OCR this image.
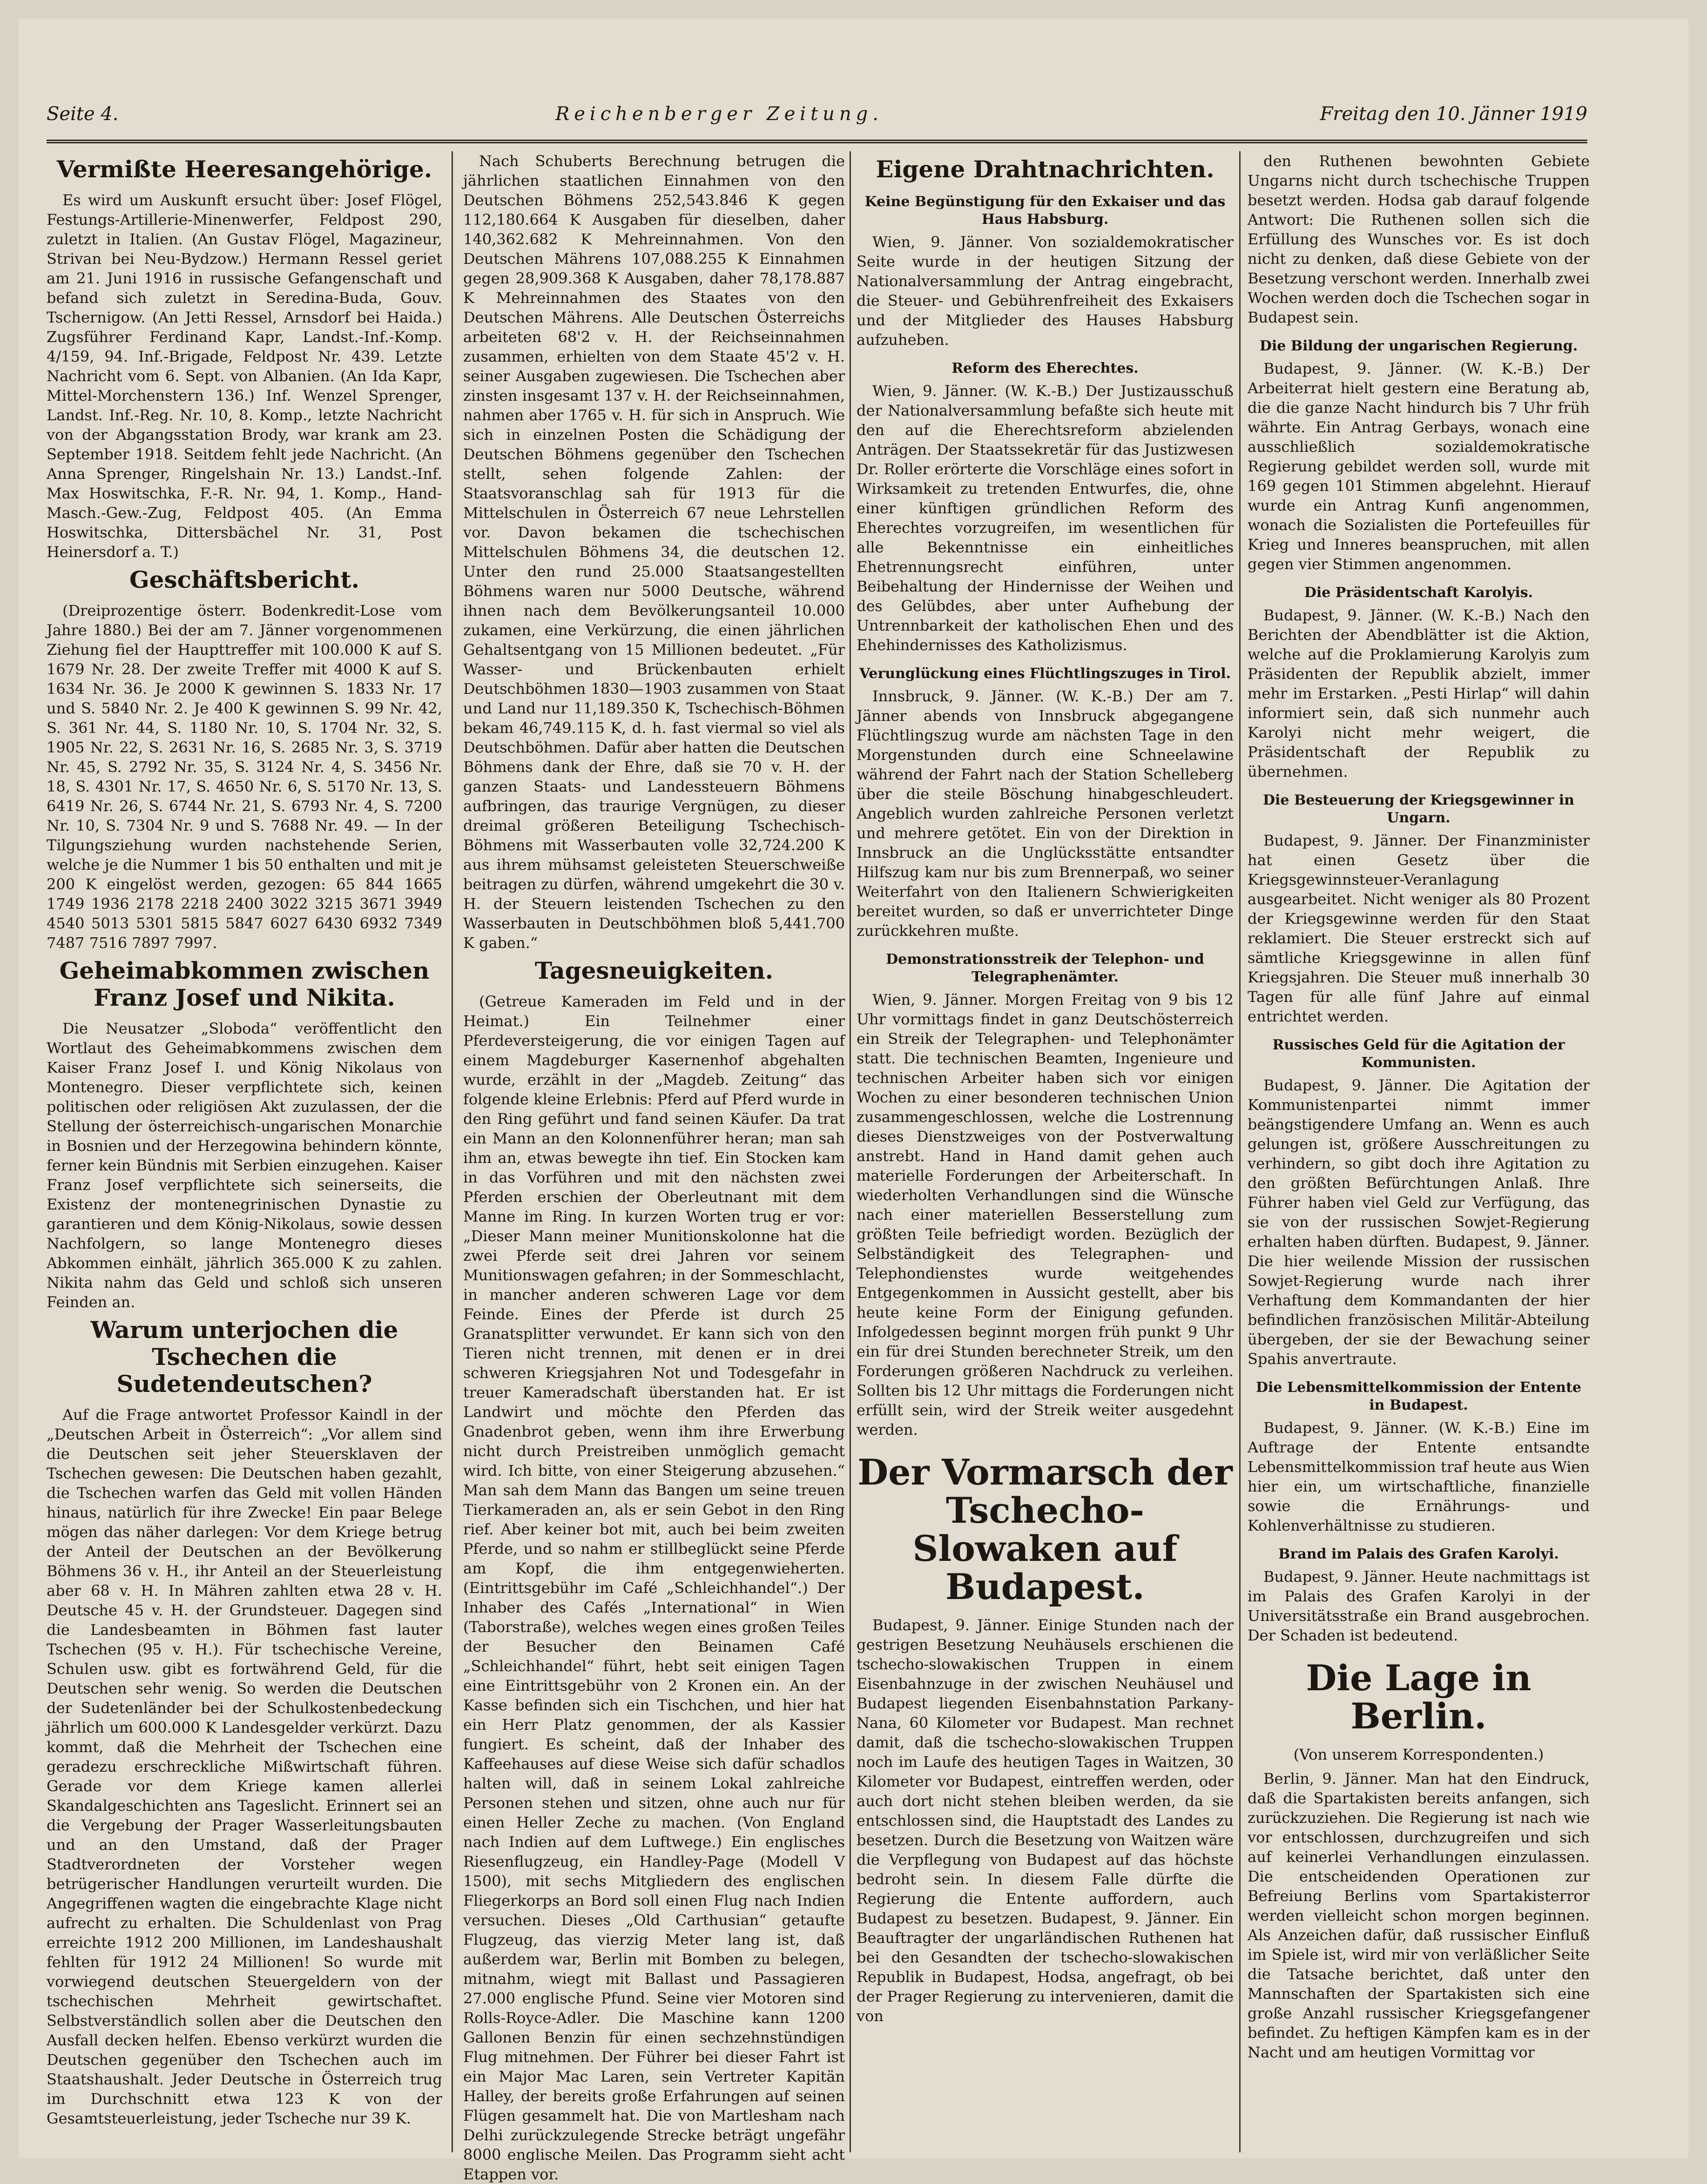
Seite 4.	Reichenberger Zeitung.	Freitag den 10. Jänner 1919
Vermißte Heeresangehörige.

Es wird um Auskunft ersucht über: Josef Flögel, Festungs-Artillerie-Minenwerfer, Feldpost 290, zuletzt in Italien. (An Gustav Flögel, Magazineur, Strivan bei Neu-Bydzow.) Hermann Ressel geriet am 21. Juni 1916 in russische Gefangenschaft und befand sich zuletzt in Seredina-Buda, Gouv. Tschernigow. (An Jetti Ressel, Arnsdorf bei Haida.) Zugsführer Ferdinand Kapr, Landst.-Inf.-Komp. 4/159, 94. Inf.-Brigade, Feldpost Nr. 439. Letzte Nachricht vom 6. Sept. von Albanien. (An Ida Kapr, Mittel-Morchenstern 136.) Inf. Wenzel Sprenger, Landst. Inf.-Reg. Nr. 10, 8. Komp., letzte Nachricht von der Abgangsstation Brody, war krank am 23. September 1918. Seitdem fehlt jede Nachricht. (An Anna Sprenger, Ringelshain Nr. 13.) Landst.-Inf. Max Hoswitschka, F.-R. Nr. 94, 1. Komp., Hand-Masch.-Gew.-Zug, Feldpost 405. (An Emma Hoswitschka, Dittersbächel Nr. 31, Post Heinersdorf a. T.)

Geschäftsbericht.

(Dreiprozentige österr. Bodenkredit-Lose vom Jahre 1880.) Bei der am 7. Jänner vorgenommenen Ziehung fiel der Haupttreffer mit 100.000 K auf S. 1679 Nr. 28. Der zweite Treffer mit 4000 K auf S. 1634 Nr. 36. Je 2000 K gewinnen S. 1833 Nr. 17 und S. 5840 Nr. 2. Je 400 K gewinnen S. 99 Nr. 42, S. 361 Nr. 44, S. 1180 Nr. 10, S. 1704 Nr. 32, S. 1905 Nr. 22, S. 2631 Nr. 16, S. 2685 Nr. 3, S. 3719 Nr. 45, S. 2792 Nr. 35, S. 3124 Nr. 4, S. 3456 Nr. 18, S. 4301 Nr. 17, S. 4650 Nr. 6, S. 5170 Nr. 13, S. 6419 Nr. 26, S. 6744 Nr. 21, S. 6793 Nr. 4, S. 7200 Nr. 10, S. 7304 Nr. 9 und S. 7688 Nr. 49. — In der Tilgungsziehung wurden nachstehende Serien, welche je die Nummer 1 bis 50 enthalten und mit je 200 K eingelöst werden, gezogen: 65 844 1665 1749 1936 2178 2218 2400 3022 3215 3671 3949 4540 5013 5301 5815 5847 6027 6430 6932 7349 7487 7516 7897 7997.

Geheimabkommen zwischen Franz Josef und Nikita.

Die Neusatzer „Sloboda“ veröffentlicht den Wortlaut des Geheimabkommens zwischen dem Kaiser Franz Josef I. und König Nikolaus von Montenegro. Dieser verpflichtete sich, keinen politischen oder religiösen Akt zuzulassen, der die Stellung der österreichisch-ungarischen Monarchie in Bosnien und der Herzegowina behindern könnte, ferner kein Bündnis mit Serbien einzugehen. Kaiser Franz Josef verpflichtete sich seinerseits, die Existenz der montenegrinischen Dynastie zu garantieren und dem König-Nikolaus, sowie dessen Nachfolgern, so lange Montenegro dieses Abkommen einhält, jährlich 365.000 K zu zahlen. Nikita nahm das Geld und schloß sich unseren Feinden an.

Warum unterjochen die Tschechen die Sudetendeutschen?

Auf die Frage antwortet Professor Kaindl in der „Deutschen Arbeit in Österreich“: „Vor allem sind die Deutschen seit jeher Steuersklaven der Tschechen gewesen: Die Deutschen haben gezahlt, die Tschechen warfen das Geld mit vollen Händen hinaus, natürlich für ihre Zwecke! Ein paar Belege mögen das näher darlegen: Vor dem Kriege betrug der Anteil der Deutschen an der Bevölkerung Böhmens 36 v. H., ihr Anteil an der Steuerleistung aber 68 v. H. In Mähren zahlten etwa 28 v. H. Deutsche 45 v. H. der Grundsteuer. Dagegen sind die Landesbeamten in Böhmen fast lauter Tschechen (95 v. H.). Für tschechische Vereine, Schulen usw. gibt es fortwährend Geld, für die Deutschen sehr wenig. So werden die Deutschen der Sudetenländer bei der Schulkostenbedeckung jährlich um 600.000 K Landesgelder verkürzt. Dazu kommt, daß die Mehrheit der Tschechen eine geradezu erschreckliche Mißwirtschaft führen. Gerade vor dem Kriege kamen allerlei Skandalgeschichten ans Tageslicht. Erinnert sei an die Vergebung der Prager Wasserleitungsbauten und an den Umstand, daß der Prager Stadtverordneten der Vorsteher wegen betrügerischer Handlungen verurteilt wurden. Die Angegriffenen wagten die eingebrachte Klage nicht aufrecht zu erhalten. Die Schuldenlast von Prag erreichte 1912 200 Millionen, im Landeshaushalt fehlten für 1912 24 Millionen! So wurde mit vorwiegend deutschen Steuergeldern von der tschechischen Mehrheit gewirtschaftet. Selbstverständlich sollen aber die Deutschen den Ausfall decken helfen. Ebenso verkürzt wurden die Deutschen gegenüber den Tschechen auch im Staatshaushalt. Jeder Deutsche in Österreich trug im Durchschnitt etwa 123 K von der Gesamtsteuerleistung, jeder Tscheche nur 39 K.

Nach Schuberts Berechnung betrugen die jährlichen staatlichen Einnahmen von den Deutschen Böhmens 252,543.846 K gegen 112,180.664 K Ausgaben für dieselben, daher 140,362.682 K Mehreinnahmen. Von den Deutschen Mährens 107,088.255 K Einnahmen gegen 28,909.368 K Ausgaben, daher 78,178.887 K Mehreinnahmen des Staates von den Deutschen Mährens. Alle Deutschen Österreichs arbeiteten 68'2 v. H. der Reichseinnahmen zusammen, erhielten von dem Staate 45'2 v. H. seiner Ausgaben zugewiesen. Die Tschechen aber zinsten insgesamt 137 v. H. der Reichseinnahmen, nahmen aber 1765 v. H. für sich in Anspruch. Wie sich in einzelnen Posten die Schädigung der Deutschen Böhmens gegenüber den Tschechen stellt, sehen folgende Zahlen: der Staatsvoranschlag sah für 1913 für die Mittelschulen in Österreich 67 neue Lehrstellen vor. Davon bekamen die tschechischen Mittelschulen Böhmens 34, die deutschen 12. Unter den rund 25.000 Staatsangestellten Böhmens waren nur 5000 Deutsche, während ihnen nach dem Bevölkerungsanteil 10.000 zukamen, eine Verkürzung, die einen jährlichen Gehaltsentgang von 15 Millionen bedeutet. „Für Wasser- und Brückenbauten erhielt Deutschböhmen 1830—1903 zusammen von Staat und Land nur 11,189.350 K, Tschechisch-Böhmen bekam 46,749.115 K, d. h. fast viermal so viel als Deutschböhmen. Dafür aber hatten die Deutschen Böhmens dank der Ehre, daß sie 70 v. H. der ganzen Staats- und Landessteuern Böhmens aufbringen, das traurige Vergnügen, zu dieser dreimal größeren Beteiligung Tschechisch-Böhmens mit Wasserbauten volle 32,724.200 K aus ihrem mühsamst geleisteten Steuerschweiße beitragen zu dürfen, während umgekehrt die 30 v. H. der Steuern leistenden Tschechen zu den Wasserbauten in Deutschböhmen bloß 5,441.700 K gaben.“

Tagesneuigkeiten.

(Getreue Kameraden im Feld und in der Heimat.) Ein Teilnehmer einer Pferdeversteigerung, die vor einigen Tagen auf einem Magdeburger Kasernenhof abgehalten wurde, erzählt in der „Magdeb. Zeitung“ das folgende kleine Erlebnis: Pferd auf Pferd wurde in den Ring geführt und fand seinen Käufer. Da trat ein Mann an den Kolonnenführer heran; man sah ihm an, etwas bewegte ihn tief. Ein Stocken kam in das Vorführen und mit den nächsten zwei Pferden erschien der Oberleutnant mit dem Manne im Ring. In kurzen Worten trug er vor: „Dieser Mann meiner Munitionskolonne hat die zwei Pferde seit drei Jahren vor seinem Munitionswagen gefahren; in der Sommeschlacht, in mancher anderen schweren Lage vor dem Feinde. Eines der Pferde ist durch 25 Granatsplitter verwundet. Er kann sich von den Tieren nicht trennen, mit denen er in drei schweren Kriegsjahren Not und Todesgefahr in treuer Kameradschaft überstanden hat. Er ist Landwirt und möchte den Pferden das Gnadenbrot geben, wenn ihm ihre Erwerbung nicht durch Preistreiben unmöglich gemacht wird. Ich bitte, von einer Steigerung abzusehen.“ Man sah dem Mann das Bangen um seine treuen Tierkameraden an, als er sein Gebot in den Ring rief. Aber keiner bot mit, auch bei beim zweiten Pferde, und so nahm er stillbeglückt seine Pferde am Kopf, die ihm entgegenwieherten. (Eintrittsgebühr im Café „Schleichhandel“.) Der Inhaber des Cafés „International“ in Wien (Taborstraße), welches wegen eines großen Teiles der Besucher den Beinamen Café „Schleichhandel“ führt, hebt seit einigen Tagen eine Eintrittsgebühr von 2 Kronen ein. An der Kasse befinden sich ein Tischchen, und hier hat ein Herr Platz genommen, der als Kassier fungiert. Es scheint, daß der Inhaber des Kaffeehauses auf diese Weise sich dafür schadlos halten will, daß in seinem Lokal zahlreiche Personen stehen und sitzen, ohne auch nur für einen Heller Zeche zu machen. (Von England nach Indien auf dem Luftwege.) Ein englisches Riesenflugzeug, ein Handley-Page (Modell V 1500), mit sechs Mitgliedern des englischen Fliegerkorps an Bord soll einen Flug nach Indien versuchen. Dieses „Old Carthusian“ getaufte Flugzeug, das vierzig Meter lang ist, daß außerdem war, Berlin mit Bomben zu belegen, mitnahm, wiegt mit Ballast und Passagieren 27.000 englische Pfund. Seine vier Motoren sind Rolls-Royce-Adler. Die Maschine kann 1200 Gallonen Benzin für einen sechzehnstündigen Flug mitnehmen. Der Führer bei dieser Fahrt ist ein Major Mac Laren, sein Vertreter Kapitän Halley, der bereits große Erfahrungen auf seinen Flügen gesammelt hat. Die von Martlesham nach Delhi zurückzulegende Strecke beträgt ungefähr 8000 englische Meilen. Das Programm sieht acht Etappen vor.

Eigene Drahtnachrichten.
Keine Begünstigung für den Exkaiser und das Haus Habsburg.

Wien, 9. Jänner. Von sozialdemokratischer Seite wurde in der heutigen Sitzung der Nationalversammlung der Antrag eingebracht, die Steuer- und Gebührenfreiheit des Exkaisers und der Mitglieder des Hauses Habsburg aufzuheben.

Reform des Eherechtes.

Wien, 9. Jänner. (W. K.-B.) Der Justizausschuß der Nationalversammlung befaßte sich heute mit den auf die Eherechtsreform abzielenden Anträgen. Der Staatssekretär für das Justizwesen Dr. Roller erörterte die Vorschläge eines sofort in Wirksamkeit zu tretenden Entwurfes, die, ohne einer künftigen gründlichen Reform des Eherechtes vorzugreifen, im wesentlichen für alle Bekenntnisse ein einheitliches Ehetrennungsrecht einführen, unter Beibehaltung der Hindernisse der Weihen und des Gelübdes, aber unter Aufhebung der Untrennbarkeit der katholischen Ehen und des Ehehindernisses des Katholizismus.

Verunglückung eines Flüchtlingszuges in Tirol.

Innsbruck, 9. Jänner. (W. K.-B.) Der am 7. Jänner abends von Innsbruck abgegangene Flüchtlingszug wurde am nächsten Tage in den Morgenstunden durch eine Schneelawine während der Fahrt nach der Station Schelleberg über die steile Böschung hinabgeschleudert. Angeblich wurden zahlreiche Personen verletzt und mehrere getötet. Ein von der Direktion in Innsbruck an die Unglücksstätte entsandter Hilfszug kam nur bis zum Brennerpaß, wo seiner Weiterfahrt von den Italienern Schwierigkeiten bereitet wurden, so daß er unverrichteter Dinge zurückkehren mußte.

Demonstrationsstreik der Telephon- und Telegraphenämter.

Wien, 9. Jänner. Morgen Freitag von 9 bis 12 Uhr vormittags findet in ganz Deutschösterreich ein Streik der Telegraphen- und Telephonämter statt. Die technischen Beamten, Ingenieure und technischen Arbeiter haben sich vor einigen Wochen zu einer besonderen technischen Union zusammengeschlossen, welche die Lostrennung dieses Dienstzweiges von der Postverwaltung anstrebt. Hand in Hand damit gehen auch materielle Forderungen der Arbeiterschaft. In wiederholten Verhandlungen sind die Wünsche nach einer materiellen Besserstellung zum größten Teile befriedigt worden. Bezüglich der Selbständigkeit des Telegraphen- und Telephondienstes wurde weitgehendes Entgegenkommen in Aussicht gestellt, aber bis heute keine Form der Einigung gefunden. Infolgedessen beginnt morgen früh punkt 9 Uhr ein für drei Stunden berechneter Streik, um den Forderungen größeren Nachdruck zu verleihen. Sollten bis 12 Uhr mittags die Forderungen nicht erfüllt sein, wird der Streik weiter ausgedehnt werden.

Der Vormarsch der Tschecho-Slowaken auf Budapest.

Budapest, 9. Jänner. Einige Stunden nach der gestrigen Besetzung Neuhäusels erschienen die tschecho-slowakischen Truppen in einem Eisenbahnzuge in der zwischen Neuhäusel und Budapest liegenden Eisenbahnstation Parkany-Nana, 60 Kilometer vor Budapest. Man rechnet damit, daß die tschecho-slowakischen Truppen noch im Laufe des heutigen Tages in Waitzen, 30 Kilometer vor Budapest, eintreffen werden, oder auch dort nicht stehen bleiben werden, da sie entschlossen sind, die Hauptstadt des Landes zu besetzen. Durch die Besetzung von Waitzen wäre die Verpflegung von Budapest auf das höchste bedroht sein. In diesem Falle dürfte die Regierung die Entente auffordern, auch Budapest zu besetzen. Budapest, 9. Jänner. Ein Beauftragter der ungarländischen Ruthenen hat bei den Gesandten der tschecho-slowakischen Republik in Budapest, Hodsa, angefragt, ob bei der Prager Regierung zu intervenieren, damit die von

den Ruthenen bewohnten Gebiete Ungarns nicht durch tschechische Truppen besetzt werden. Hodsa gab darauf folgende Antwort: Die Ruthenen sollen sich die Erfüllung des Wunsches vor. Es ist doch nicht zu denken, daß diese Gebiete von der Besetzung verschont werden. Innerhalb zwei Wochen werden doch die Tschechen sogar in Budapest sein.

Die Bildung der ungarischen Regierung.

Budapest, 9. Jänner. (W. K.-B.) Der Arbeiterrat hielt gestern eine Beratung ab, die die ganze Nacht hindurch bis 7 Uhr früh währte. Ein Antrag Gerbays, wonach eine ausschließlich sozialdemokratische Regierung gebildet werden soll, wurde mit 169 gegen 101 Stimmen abgelehnt. Hierauf wurde ein Antrag Kunfi angenommen, wonach die Sozialisten die Portefeuilles für Krieg und Inneres beanspruchen, mit allen gegen vier Stimmen angenommen.

Die Präsidentschaft Karolyis.

Budapest, 9. Jänner. (W. K.-B.) Nach den Berichten der Abendblätter ist die Aktion, welche auf die Proklamierung Karolyis zum Präsidenten der Republik abzielt, immer mehr im Erstarken. „Pesti Hirlap“ will dahin informiert sein, daß sich nunmehr auch Karolyi nicht mehr weigert, die Präsidentschaft der Republik zu übernehmen.

Die Besteuerung der Kriegsgewinner in Ungarn.

Budapest, 9. Jänner. Der Finanzminister hat einen Gesetz über die Kriegsgewinnsteuer-Veranlagung ausgearbeitet. Nicht weniger als 80 Prozent der Kriegsgewinne werden für den Staat reklamiert. Die Steuer erstreckt sich auf sämtliche Kriegsgewinne in allen fünf Kriegsjahren. Die Steuer muß innerhalb 30 Tagen für alle fünf Jahre auf einmal entrichtet werden.

Russisches Geld für die Agitation der Kommunisten.

Budapest, 9. Jänner. Die Agitation der Kommunistenpartei nimmt immer beängstigendere Umfang an. Wenn es auch gelungen ist, größere Ausschreitungen zu verhindern, so gibt doch ihre Agitation zu den größten Befürchtungen Anlaß. Ihre Führer haben viel Geld zur Verfügung, das sie von der russischen Sowjet-Regierung erhalten haben dürften. Budapest, 9. Jänner. Die hier weilende Mission der russischen Sowjet-Regierung wurde nach ihrer Verhaftung dem Kommandanten der hier befindlichen französischen Militär-Abteilung übergeben, der sie der Bewachung seiner Spahis anvertraute.

Die Lebensmittelkommission der Entente in Budapest.

Budapest, 9. Jänner. (W. K.-B.) Eine im Auftrage der Entente entsandte Lebensmittelkommission traf heute aus Wien hier ein, um wirtschaftliche, finanzielle sowie die Ernährungs- und Kohlenverhältnisse zu studieren.

Brand im Palais des Grafen Karolyi.

Budapest, 9. Jänner. Heute nachmittags ist im Palais des Grafen Karolyi in der Universitätsstraße ein Brand ausgebrochen. Der Schaden ist bedeutend.

Die Lage in Berlin.
(Von unserem Korrespondenten.)

Berlin, 9. Jänner. Man hat den Eindruck, daß die Spartakisten bereits anfangen, sich zurückzuziehen. Die Regierung ist nach wie vor entschlossen, durchzugreifen und sich auf keinerlei Verhandlungen einzulassen. Die entscheidenden Operationen zur Befreiung Berlins vom Spartakisterror werden vielleicht schon morgen beginnen. Als Anzeichen dafür, daß russischer Einfluß im Spiele ist, wird mir von verläßlicher Seite die Tatsache berichtet, daß unter den Mannschaften der Spartakisten sich eine große Anzahl russischer Kriegsgefangener befindet. Zu heftigen Kämpfen kam es in der Nacht und am heutigen Vormittag vor
